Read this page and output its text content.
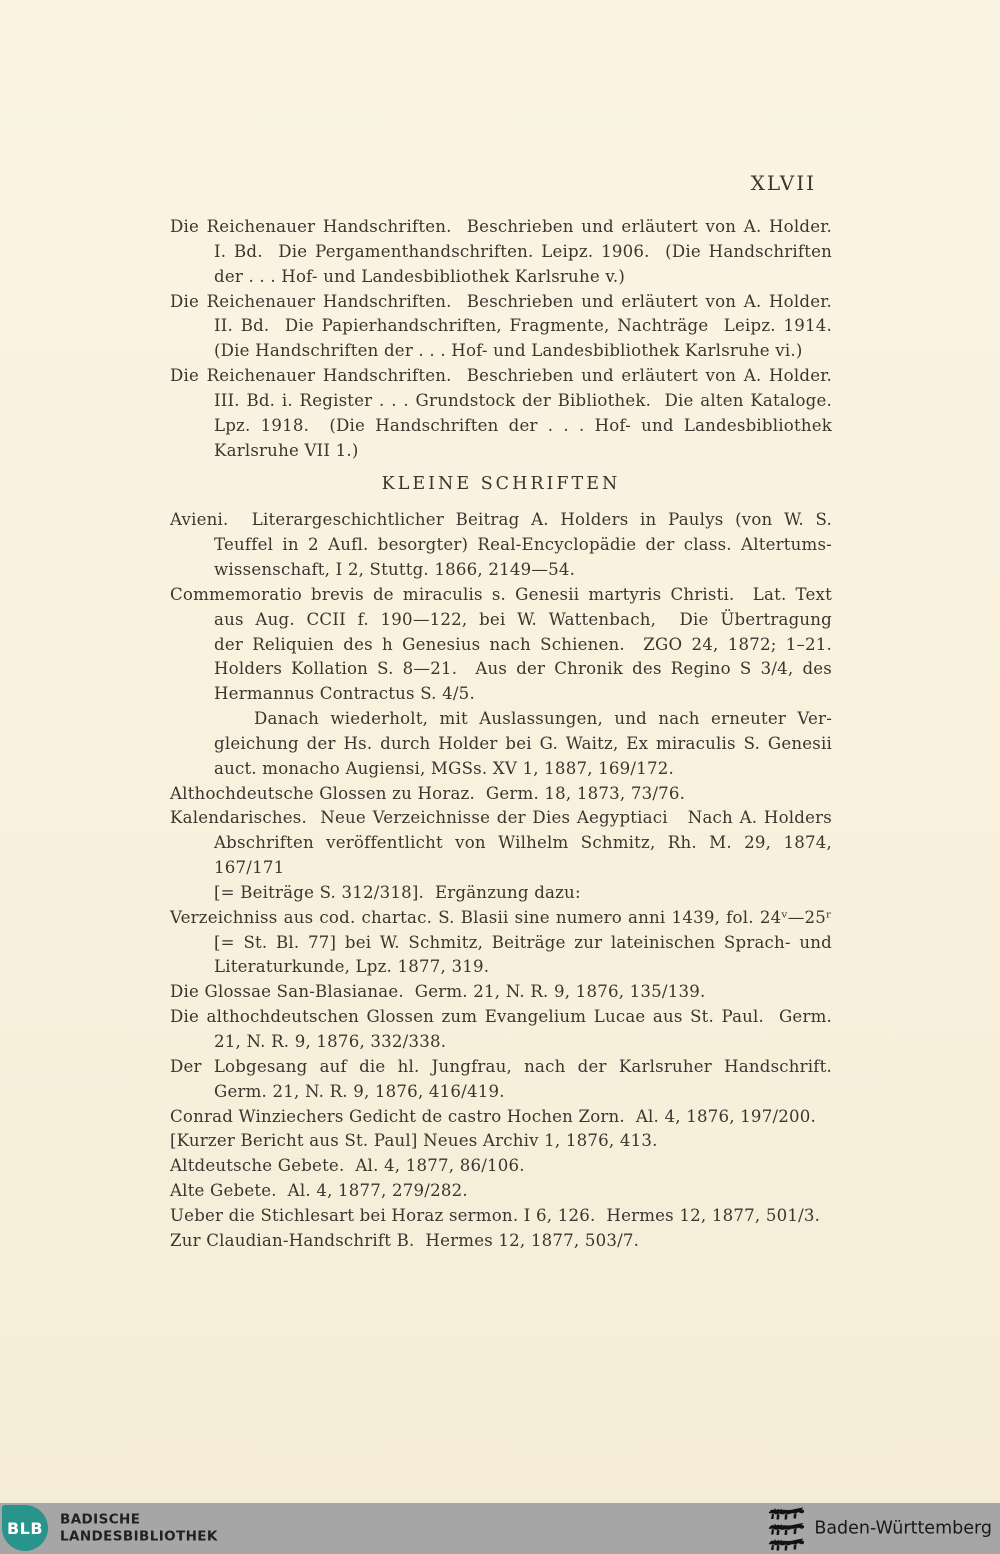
XLVII
Die Reichenauer Handschriften.  Beschrieben und erläutert von A. Holder.
I. Bd.  Die Pergamenthandschriften. Leipz. 1906.  (Die Handschriften
der . . . Hof- und Landesbibliothek Karlsruhe v.)
Die Reichenauer Handschriften.  Beschrieben und erläutert von A. Holder.
II. Bd.  Die Papierhandschriften, Fragmente, Nachträge  Leipz. 1914.
(Die Handschriften der . . . Hof- und Landesbibliothek Karlsruhe vi.)
Die Reichenauer Handschriften.  Beschrieben und erläutert von A. Holder.
III. Bd. i. Register . . . Grundstock der Bibliothek.  Die alten Kataloge.
Lpz. 1918.  (Die Handschriften der . . . Hof- und Landesbibliothek
Karlsruhe VII 1.)
KLEINE SCHRIFTEN
Avieni.  Literargeschichtlicher Beitrag A. Holders in Paulys (von W. S.
Teuffel in 2 Aufl. besorgter) Real-Encyclopädie der class. Altertums-
wissenschaft, I 2, Stuttg. 1866, 2149—54.
Commemoratio brevis de miraculis s. Genesii martyris Christi.  Lat. Text
aus Aug. CCII f. 190—122, bei W. Wattenbach,  Die Übertragung
der Reliquien des h Genesius nach Schienen.  ZGO 24, 1872; 1–21.
Holders Kollation S. 8—21.  Aus der Chronik des Regino S 3/4, des
Hermannus Contractus S. 4/5.
Danach wiederholt, mit Auslassungen, und nach erneuter Ver-
gleichung der Hs. durch Holder bei G. Waitz, Ex miraculis S. Genesii
auct. monacho Augiensi, MGSs. XV 1, 1887, 169/172.
Althochdeutsche Glossen zu Horaz.  Germ. 18, 1873, 73/76.
Kalendarisches.  Neue Verzeichnisse der Dies Aegyptiaci   Nach A. Holders
Abschriften veröffentlicht von Wilhelm Schmitz, Rh. M. 29, 1874, 167/171
[= Beiträge S. 312/318].  Ergänzung dazu:
Verzeichniss aus cod. chartac. S. Blasii sine numero anni 1439, fol. 24ᵛ—25ʳ
[= St. Bl. 77] bei W. Schmitz, Beiträge zur lateinischen Sprach- und
Literaturkunde, Lpz. 1877, 319.
Die Glossae San-Blasianae.  Germ. 21, N. R. 9, 1876, 135/139.
Die althochdeutschen Glossen zum Evangelium Lucae aus St. Paul.  Germ.
21, N. R. 9, 1876, 332/338.
Der Lobgesang auf die hl. Jungfrau, nach der Karlsruher Handschrift.
Germ. 21, N. R. 9, 1876, 416/419.
Conrad Winziechers Gedicht de castro Hochen Zorn.  Al. 4, 1876, 197/200.
[Kurzer Bericht aus St. Paul] Neues Archiv 1, 1876, 413.
Altdeutsche Gebete.  Al. 4, 1877, 86/106.
Alte Gebete.  Al. 4, 1877, 279/282.
Ueber die Stichlesart bei Horaz sermon. I 6, 126.  Hermes 12, 1877, 501/3.
Zur Claudian-Handschrift B.  Hermes 12, 1877, 503/7.
BLB BADISCHE
LANDESBIBLIOTHEK	Baden-Württemberg
